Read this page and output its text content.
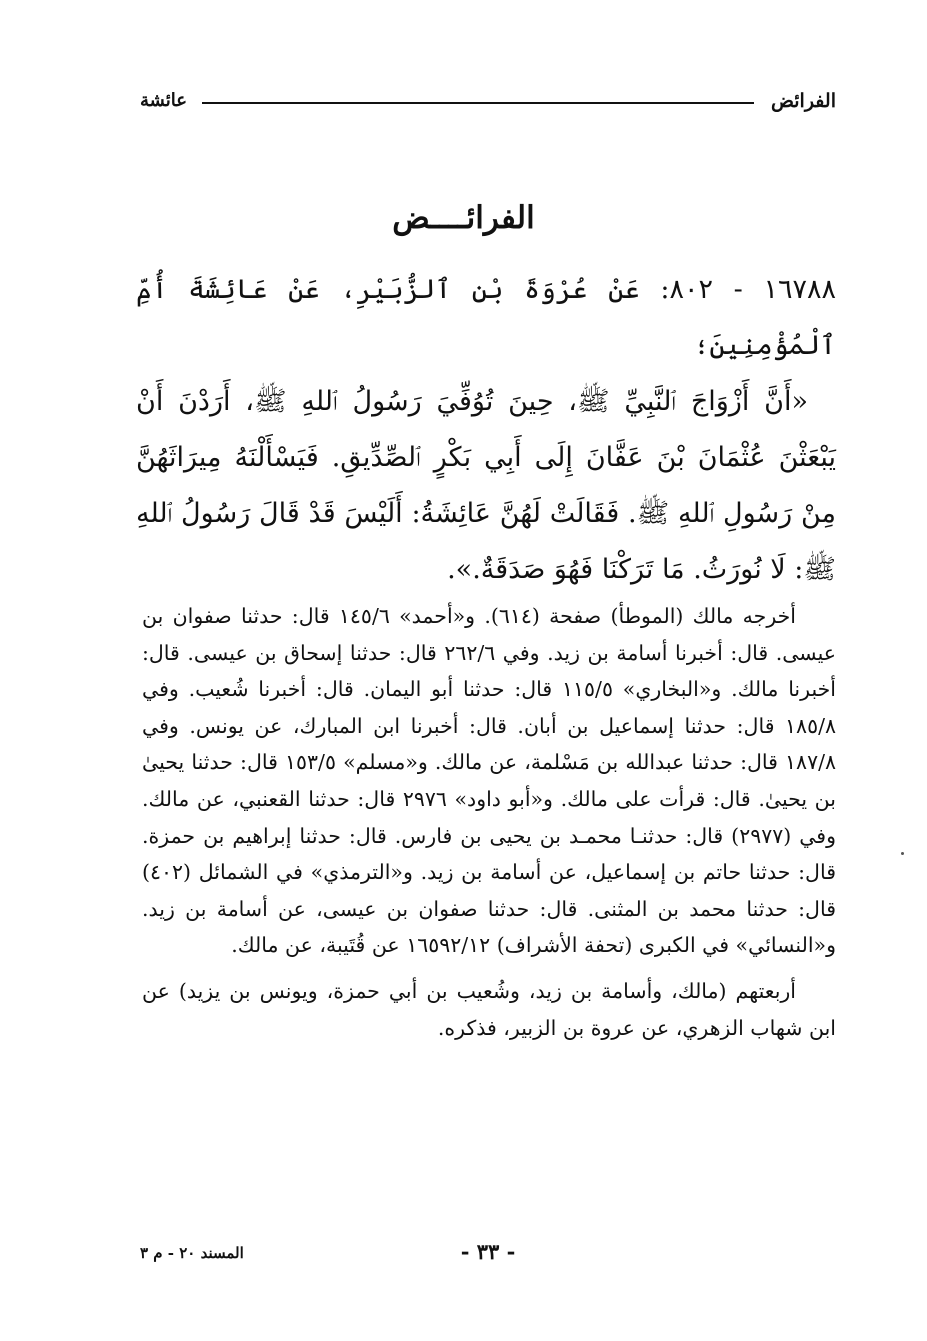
الفرائض
عائشة
الفرائــــض

١٦٧٨٨ - ٨٠٢: عَنْ عُرْوَةَ بْنِ ٱلزُّبَيْرِ، عَنْ عَائِشَةَ أُمِّ ٱلْمُؤْمِنِينَ؛

«أَنَّ أَزْوَاجَ ٱلنَّبِيِّ ﷺ، حِينَ تُوُفِّيَ رَسُولُ ٱللهِ ﷺ، أَرَدْنَ أَنْ يَبْعَثْنَ عُثْمَانَ بْنَ عَفَّانَ إِلَى أَبِي بَكْرٍ ٱلصِّدِّيقِ. فَيَسْأَلْنَهُ مِيرَاثَهُنَّ مِنْ رَسُولِ ٱللهِ ﷺ. فَقَالَتْ لَهُنَّ عَائِشَةُ: أَلَيْسَ قَدْ قَالَ رَسُولُ ٱللهِ ﷺ: لَا نُورَثُ. مَا تَرَكْنَا فَهُوَ صَدَقَةٌ.».

أخرجه مالك (الموطأ) صفحة (٦١٤). و«أحمد» ١٤٥/٦ قال: حدثنا صفوان بن عيسى. قال: أخبرنا أسامة بن زيد. وفي ٢٦٢/٦ قال: حدثنا إسحاق بن عيسى. قال: أخبرنا مالك. و«البخاري» ١١٥/٥ قال: حدثنا أبو اليمان. قال: أخبرنا شُعيب. وفي ١٨٥/٨ قال: حدثنا إسماعيل بن أبان. قال: أخبرنا ابن المبارك، عن يونس. وفي ١٨٧/٨ قال: حدثنا عبدالله بن مَسْلمة، عن مالك. و«مسلم» ١٥٣/٥ قال: حدثنا يحيىٰ بن يحيىٰ. قال: قرأت على مالك. و«أبو داود» ٢٩٧٦ قال: حدثنا القعنبي، عن مالك. وفي (٢٩٧٧) قال: حدثنـا محمـد بن يحيى بن فارس. قال: حدثنا إبراهيم بن حمزة. قال: حدثنا حاتم بن إسماعيل، عن أسامة بن زيد. و«الترمذي» في الشمائل (٤٠٢) قال: حدثنا محمد بن المثنى. قال: حدثنا صفوان بن عيسى، عن أسامة بن زيد. و«النسائي» في الكبرى (تحفة الأشراف) ١٦٥٩٢/١٢ عن قُتَيبة، عن مالك.

أربعتهم (مالك، وأسامة بن زيد، وشُعيب بن أبي حمزة، ويونس بن يزيد) عن ابن شهاب الزهري، عن عروة بن الزبير، فذكره.

- ٣٣ -
المسند ٢٠ - م ٣
